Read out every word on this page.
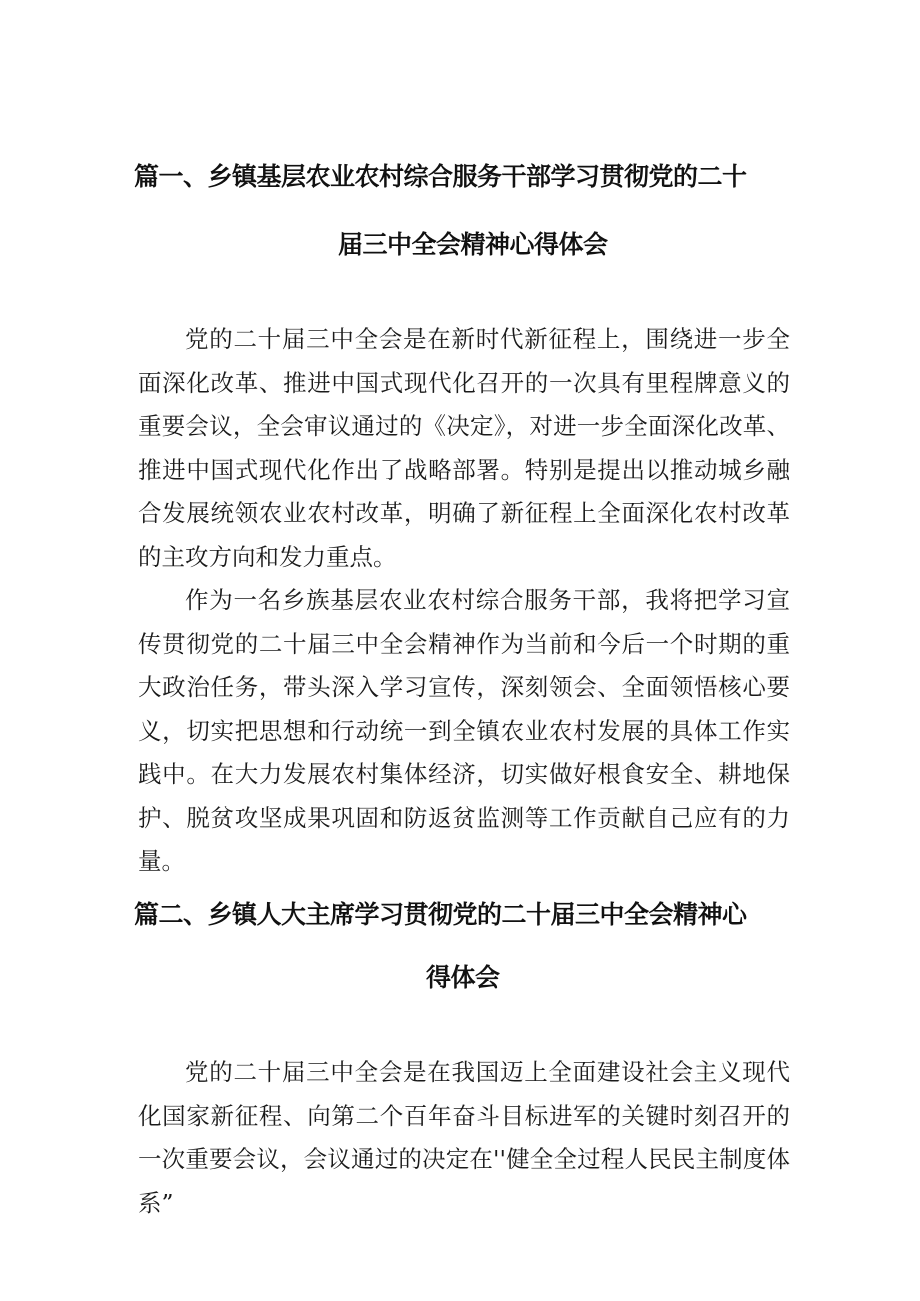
篇一、乡镇基层农业农村综合服务干部学习贯彻党的二十
届三中全会精神心得体会

党的二十届三中全会是在新时代新征程上，围绕进一步全面深化改革、推进中国式现代化召开的一次具有里程牌意义的重要会议，全会审议通过的《决定》，对进一步全面深化改革、推进中国式现代化作出了战略部署。特别是提出以推动城乡融合发展统领农业农村改革，明确了新征程上全面深化农村改革的主攻方向和发力重点。

作为一名乡族基层农业农村综合服务干部，我将把学习宣传贯彻党的二十届三中全会精神作为当前和今后一个时期的重大政治任务，带头深入学习宣传，深刻领会、全面领悟核心要义，切实把思想和行动统一到全镇农业农村发展的具体工作实践中。在大力发展农村集体经济，切实做好根食安全、耕地保护、脱贫攻坚成果巩固和防返贫监测等工作贡献自己应有的力量。

篇二、乡镇人大主席学习贯彻党的二十届三中全会精神心
得体会

党的二十届三中全会是在我国迈上全面建设社会主义现代化国家新征程、向第二个百年奋斗目标进军的关键时刻召开的一次重要会议，会议通过的决定在''健全全过程人民民主制度体系”
